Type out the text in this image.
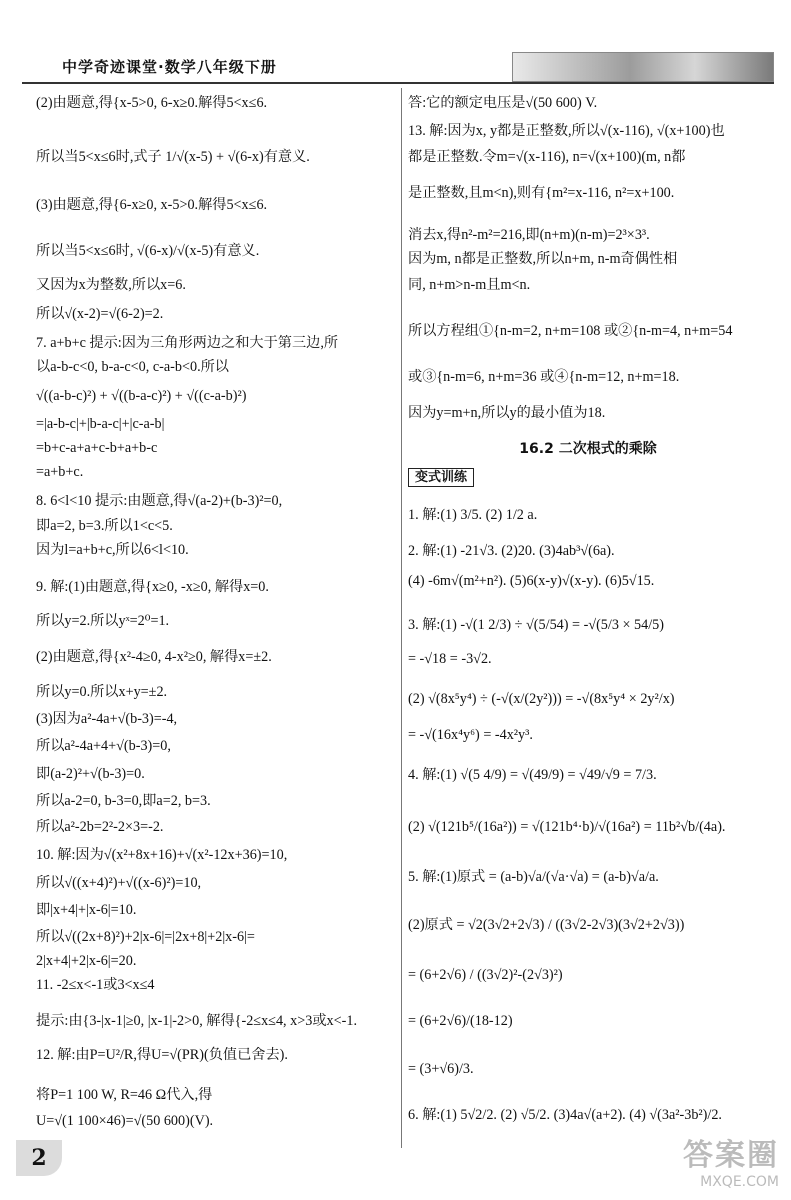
中学奇迹课堂·数学八年级下册
(2)由题意,得{x-5>0, 6-x≥0.解得5<x≤6.
所以当5<x≤6时,式子 1/√(x-5) + √(6-x)有意义.
(3)由题意,得{6-x≥0, x-5>0.解得5<x≤6.
所以当5<x≤6时, √(6-x)/√(x-5)有意义.
又因为x为整数,所以x=6.
所以√(x-2)=√(6-2)=2.
7. a+b+c 提示:因为三角形两边之和大于第三边,所
以a-b-c<0, b-a-c<0, c-a-b<0.所以
√((a-b-c)²) + √((b-a-c)²) + √((c-a-b)²)
=|a-b-c|+|b-a-c|+|c-a-b|
=b+c-a+a+c-b+a+b-c
=a+b+c.
8. 6<l<10 提示:由题意,得√(a-2)+(b-3)²=0,
即a=2, b=3.所以1<c<5.
因为l=a+b+c,所以6<l<10.
9. 解:(1)由题意,得{x≥0, -x≥0, 解得x=0.
所以y=2.所以yˣ=2⁰=1.
(2)由题意,得{x²-4≥0, 4-x²≥0, 解得x=±2.
所以y=0.所以x+y=±2.
(3)因为a²-4a+√(b-3)=-4,
所以a²-4a+4+√(b-3)=0,
即(a-2)²+√(b-3)=0.
所以a-2=0, b-3=0,即a=2, b=3.
所以a²-2b=2²-2×3=-2.
10. 解:因为√(x²+8x+16)+√(x²-12x+36)=10,
所以√((x+4)²)+√((x-6)²)=10,
即|x+4|+|x-6|=10.
所以√((2x+8)²)+2|x-6|=|2x+8|+2|x-6|=
2|x+4|+2|x-6|=20.
11. -2≤x<-1或3<x≤4
提示:由{3-|x-1|≥0, |x-1|-2>0, 解得{-2≤x≤4, x>3或x<-1.
12. 解:由P=U²/R,得U=√(PR)(负值已舍去).
将P=1 100 W, R=46 Ω代入,得
U=√(1 100×46)=√(50 600)(V).
答:它的额定电压是√(50 600) V.
13. 解:因为x, y都是正整数,所以√(x-116), √(x+100)也
都是正整数.令m=√(x-116), n=√(x+100)(m, n都
是正整数,且m<n),则有{m²=x-116, n²=x+100.
消去x,得n²-m²=216,即(n+m)(n-m)=2³×3³.
因为m, n都是正整数,所以n+m, n-m奇偶性相
同, n+m>n-m且m<n.
所以方程组①{n-m=2, n+m=108 或②{n-m=4, n+m=54
或③{n-m=6, n+m=36 或④{n-m=12, n+m=18.
因为y=m+n,所以y的最小值为18.
16.2 二次根式的乘除
变式训练
1. 解:(1) 3/5. (2) 1/2 a.
2. 解:(1) -21√3. (2)20. (3)4ab³√(6a).
(4) -6m√(m²+n²). (5)6(x-y)√(x-y). (6)5√15.
3. 解:(1) -√(1 2/3) ÷ √(5/54) = -√(5/3 × 54/5)
= -√18 = -3√2.
(2) √(8x⁵y⁴) ÷ (-√(x/(2y²))) = -√(8x⁵y⁴ × 2y²/x)
= -√(16x⁴y⁶) = -4x²y³.
4. 解:(1) √(5 4/9) = √(49/9) = √49/√9 = 7/3.
(2) √(121b⁵/(16a²)) = √(121b⁴·b)/√(16a²) = 11b²√b/(4a).
5. 解:(1)原式 = (a-b)√a/(√a·√a) = (a-b)√a/a.
(2)原式 = √2(3√2+2√3) / ((3√2-2√3)(3√2+2√3))
= (6+2√6) / ((3√2)²-(2√3)²)
= (6+2√6)/(18-12)
= (3+√6)/3.
6. 解:(1) 5√2/2. (2) √5/2. (3)4a√(a+2). (4) √(3a²-3b²)/2.
2	答案圈
MXQE.COM
